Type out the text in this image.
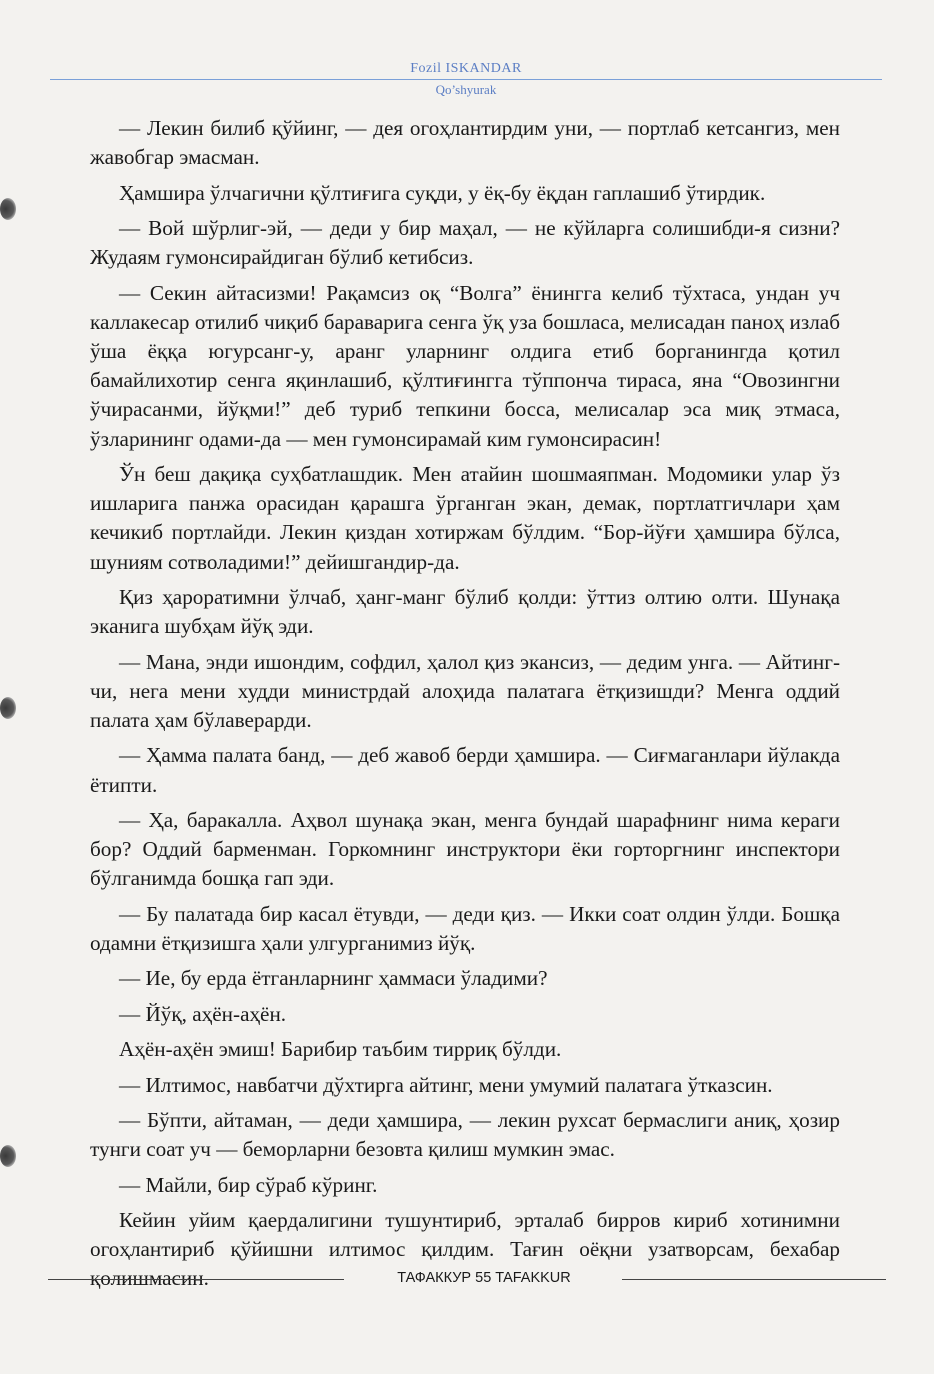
Fozil ISKANDAR
Qo’shyurak

— Лекин билиб қўйинг, — дея огоҳлантирдим уни, — портлаб кетсангиз, мен жавобгар эмасман.

Ҳамшира ўлчагични қўлтиғига суқди, у ёқ-бу ёқдан гаплашиб ўтирдик.

— Вой шўрлиг-эй, — деди у бир маҳал, — не кўйларга солишибди-я сизни? Жудаям гумонсирайдиган бўлиб кетибсиз.

— Секин айтасизми! Рақамсиз оқ “Волга” ёнингга келиб тўхтаса, ундан уч каллакесар отилиб чиқиб бараварига сенга ўқ уза бошласа, мелисадан паноҳ излаб ўша ёққа югурсанг-у, аранг уларнинг олдига етиб борганингда қотил бамайлихотир сенга яқинлашиб, қўлтиғингга тўппонча тираса, яна “Овозингни ўчирасанми, йўқми!” деб туриб тепкини босса, мелисалар эса миқ этмаса, ўзларининг одами-да — мен гумонсирамай ким гумонсирасин!

Ўн беш дақиқа суҳбатлашдик. Мен атайин шошмаяпман. Модомики улар ўз ишларига панжа орасидан қарашга ўрганган экан, демак, портлатгичлари ҳам кечикиб портлайди. Лекин қиздан хотиржам бўлдим. “Бор-йўғи ҳамшира бўлса, шуниям сотволадими!” дейишгандир-да.

Қиз ҳароратимни ўлчаб, ҳанг-манг бўлиб қолди: ўттиз олтию олти. Шунақа эканига шубҳам йўқ эди.

— Мана, энди ишондим, софдил, ҳалол қиз экансиз, — дедим унга. — Айтинг-чи, нега мени худди министрдай алоҳида палатага ётқизишди? Менга оддий палата ҳам бўлаверарди.

— Ҳамма палата банд, — деб жавоб берди ҳамшира. — Сиғмаганлари йўлакда ётипти.

— Ҳа, баракалла. Аҳвол шунақа экан, менга бундай шарафнинг нима кераги бор? Оддий барменман. Горкомнинг инструктори ёки горторгнинг инспектори бўлганимда бошқа гап эди.

— Бу палатада бир касал ётувди, — деди қиз. — Икки соат олдин ўлди. Бошқа одамни ётқизишга ҳали улгурганимиз йўқ.

— Ие, бу ерда ётганларнинг ҳаммаси ўладими?

— Йўқ, аҳён-аҳён.

Аҳён-аҳён эмиш! Барибир таъбим тирриқ бўлди.

— Илтимос, навбатчи дўхтирга айтинг, мени умумий палатага ўтказсин.

— Бўпти, айтаман, — деди ҳамшира, — лекин рухсат бермаслиги аниқ, ҳозир тунги соат уч — беморларни безовта қилиш мумкин эмас.

— Майли, бир сўраб кўринг.

Кейин уйим қаердалигини тушунтириб, эрталаб бирров кириб хотинимни огоҳлантириб қўйишни илтимос қилдим. Тағин оёқни узатворсам, бехабар қолишмасин.	ТАФАККУР 55 TAFAKKUR
